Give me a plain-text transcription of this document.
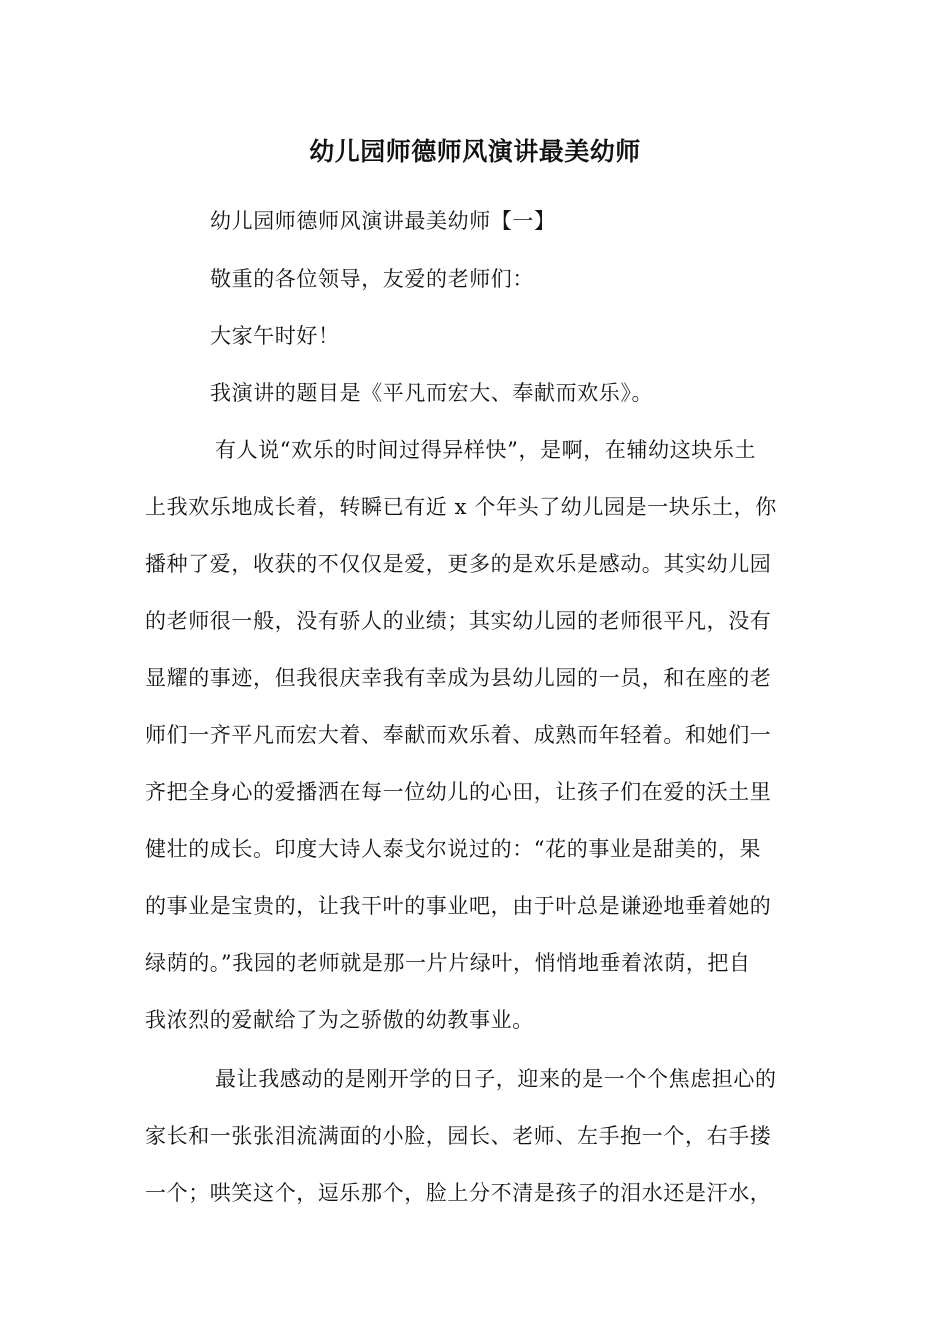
幼儿园师德师风演讲最美幼师
幼儿园师德师风演讲最美幼师【一】
敬重的各位领导，友爱的老师们：
大家午时好！
我演讲的题目是《平凡而宏大、奉献而欢乐》。
有人说“欢乐的时间过得异样快”，是啊，在辅幼这块乐土
上我欢乐地成长着，转瞬已有近 x 个年头了幼儿园是一块乐土，你
播种了爱，收获的不仅仅是爱，更多的是欢乐是感动。其实幼儿园
的老师很一般，没有骄人的业绩；其实幼儿园的老师很平凡，没有
显耀的事迹，但我很庆幸我有幸成为县幼儿园的一员，和在座的老
师们一齐平凡而宏大着、奉献而欢乐着、成熟而年轻着。和她们一
齐把全身心的爱播洒在每一位幼儿的心田，让孩子们在爱的沃土里
健壮的成长。印度大诗人泰戈尔说过的：“花的事业是甜美的，果
的事业是宝贵的，让我干叶的事业吧，由于叶总是谦逊地垂着她的
绿荫的。”我园的老师就是那一片片绿叶，悄悄地垂着浓荫，把自
我浓烈的爱献给了为之骄傲的幼教事业。
最让我感动的是刚开学的日子，迎来的是一个个焦虑担心的
家长和一张张泪流满面的小脸，园长、老师、左手抱一个，右手搂
一个；哄笑这个，逗乐那个，脸上分不清是孩子的泪水还是汗水，
